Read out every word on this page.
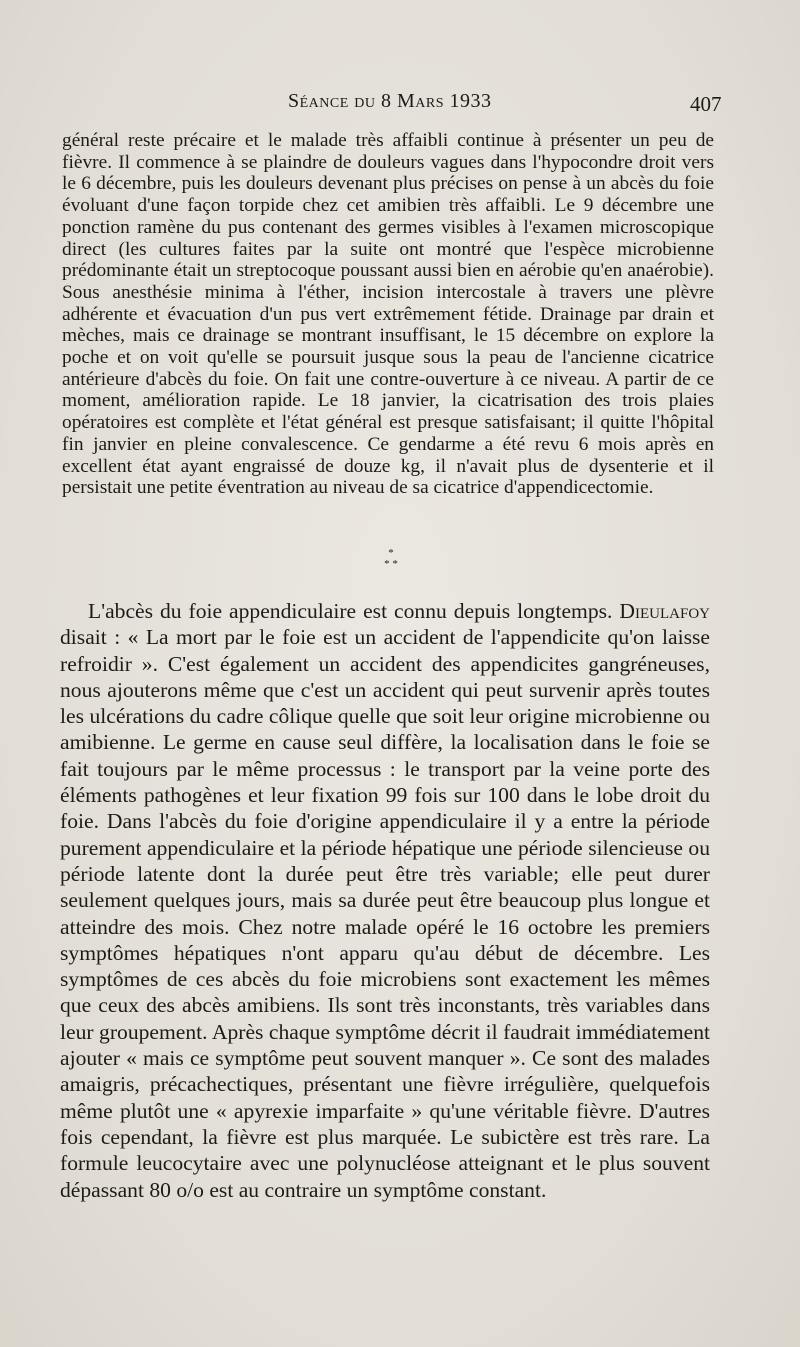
Séance du 8 Mars 1933	407

général reste précaire et le malade très affaibli continue à présenter un peu de fièvre. Il commence à se plaindre de douleurs vagues dans l'hypocondre droit vers le 6 décembre, puis les douleurs devenant plus précises on pense à un abcès du foie évoluant d'une façon torpide chez cet amibien très affaibli. Le 9 décembre une ponction ramène du pus contenant des germes visibles à l'examen microscopique direct (les cultures faites par la suite ont montré que l'espèce microbienne prédominante était un streptocoque poussant aussi bien en aérobie qu'en anaérobie). Sous anesthésie minima à l'éther, incision intercostale à travers une plèvre adhérente et évacuation d'un pus vert extrêmement fétide. Drainage par drain et mèches, mais ce drainage se montrant insuffisant, le 15 décembre on explore la poche et on voit qu'elle se poursuit jusque sous la peau de l'ancienne cicatrice antérieure d'abcès du foie. On fait une contre-ouverture à ce niveau. A partir de ce moment, amélioration rapide. Le 18 janvier, la cicatrisation des trois plaies opératoires est complète et l'état général est presque satisfaisant; il quitte l'hôpital fin janvier en pleine convalescence. Ce gendarme a été revu 6 mois après en excellent état ayant engraissé de douze kg, il n'avait plus de dysenterie et il persistait une petite éventration au niveau de sa cicatrice d'appendicectomie.

*
* *

L'abcès du foie appendiculaire est connu depuis longtemps. Dieulafoy disait : « La mort par le foie est un accident de l'appendicite qu'on laisse refroidir ». C'est également un accident des appendicites gangréneuses, nous ajouterons même que c'est un accident qui peut survenir après toutes les ulcérations du cadre côlique quelle que soit leur origine microbienne ou amibienne. Le germe en cause seul diffère, la localisation dans le foie se fait toujours par le même processus : le transport par la veine porte des éléments pathogènes et leur fixation 99 fois sur 100 dans le lobe droit du foie. Dans l'abcès du foie d'origine appendiculaire il y a entre la période purement appendiculaire et la période hépatique une période silencieuse ou période latente dont la durée peut être très variable; elle peut durer seulement quelques jours, mais sa durée peut être beaucoup plus longue et atteindre des mois. Chez notre malade opéré le 16 octobre les premiers symptômes hépatiques n'ont apparu qu'au début de décembre. Les symptômes de ces abcès du foie microbiens sont exactement les mêmes que ceux des abcès amibiens. Ils sont très inconstants, très variables dans leur groupement. Après chaque symptôme décrit il faudrait immédiatement ajouter « mais ce symptôme peut souvent manquer ». Ce sont des malades amaigris, précachectiques, présentant une fièvre irrégulière, quelquefois même plutôt une « apyrexie imparfaite » qu'une véritable fièvre. D'autres fois cependant, la fièvre est plus marquée. Le subictère est très rare. La formule leucocytaire avec une polynucléose atteignant et le plus souvent dépassant 80 o/o est au contraire un symptôme constant.
